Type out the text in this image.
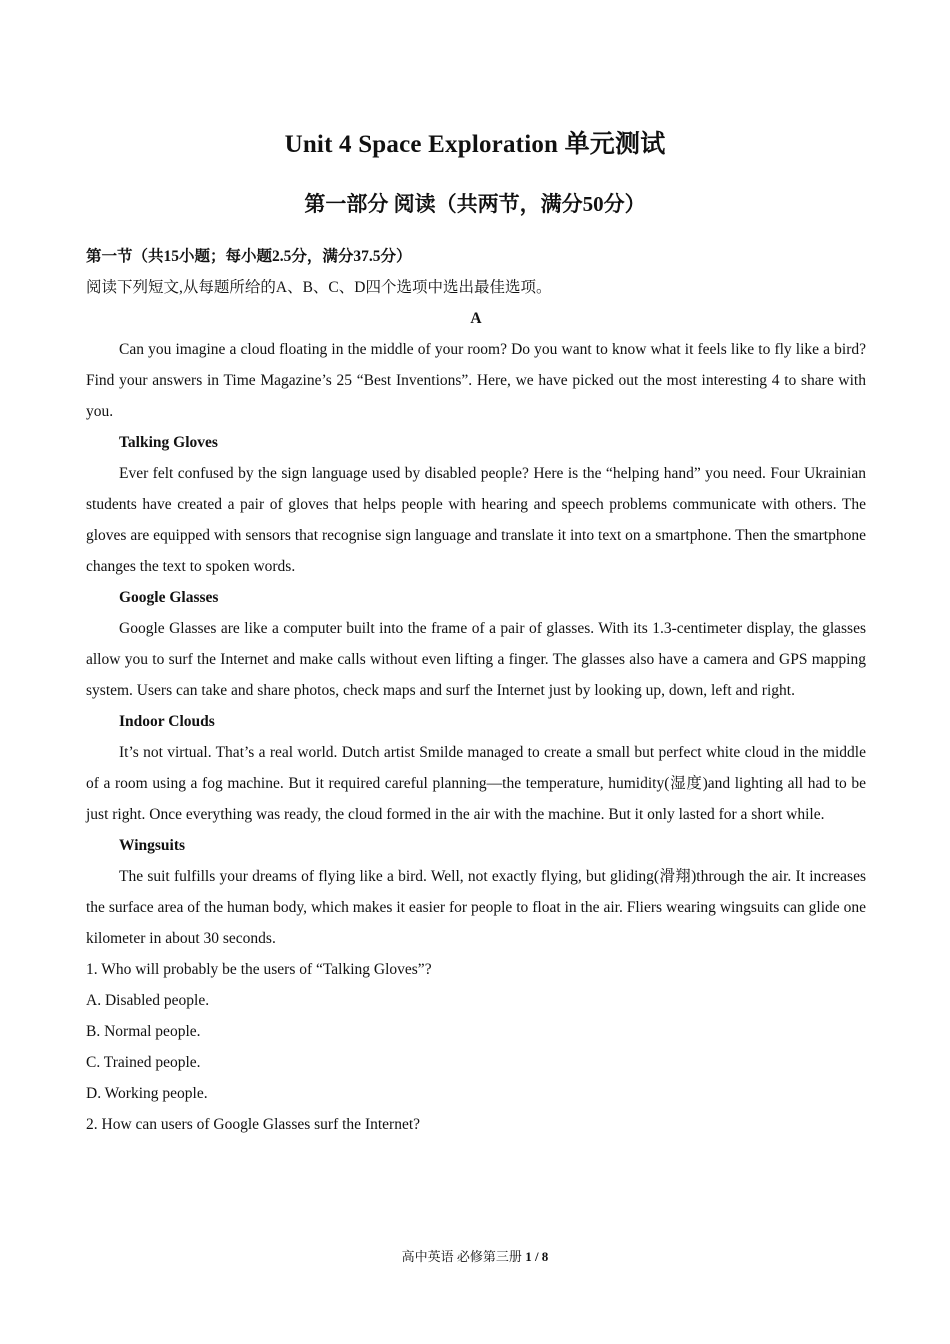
Unit 4 Space Exploration 单元测试
第一部分 阅读（共两节，满分50分）
第一节（共15小题；每小题2.5分，满分37.5分）
阅读下列短文,从每题所给的A、B、C、D四个选项中选出最佳选项。
A
Can you imagine a cloud floating in the middle of your room? Do you want to know what it feels like to fly like a bird? Find your answers in Time Magazine’s 25 “Best Inventions”. Here, we have picked out the most interesting 4 to share with you.
Talking Gloves
Ever felt confused by the sign language used by disabled people? Here is the “helping hand” you need. Four Ukrainian students have created a pair of gloves that helps people with hearing and speech problems communicate with others. The gloves are equipped with sensors that recognise sign language and translate it into text on a smartphone. Then the smartphone changes the text to spoken words.
Google Glasses
Google Glasses are like a computer built into the frame of a pair of glasses. With its 1.3-centimeter display, the glasses allow you to surf the Internet and make calls without even lifting a finger. The glasses also have a camera and GPS mapping system. Users can take and share photos, check maps and surf the Internet just by looking up, down, left and right.
Indoor Clouds
It’s not virtual. That’s a real world. Dutch artist Smilde managed to create a small but perfect white cloud in the middle of a room using a fog machine. But it required careful planning—the temperature, humidity(湿度)and lighting all had to be just right. Once everything was ready, the cloud formed in the air with the machine. But it only lasted for a short while.
Wingsuits
The suit fulfills your dreams of flying like a bird. Well, not exactly flying, but gliding(滑翔)through the air. It increases the surface area of the human body, which makes it easier for people to float in the air. Fliers wearing wingsuits can glide one kilometer in about 30 seconds.
1. Who will probably be the users of “Talking Gloves”?
A. Disabled people.
B. Normal people.
C. Trained people.
D. Working people.
2. How can users of Google Glasses surf the Internet?
高中英语 必修第三册 1 / 8
